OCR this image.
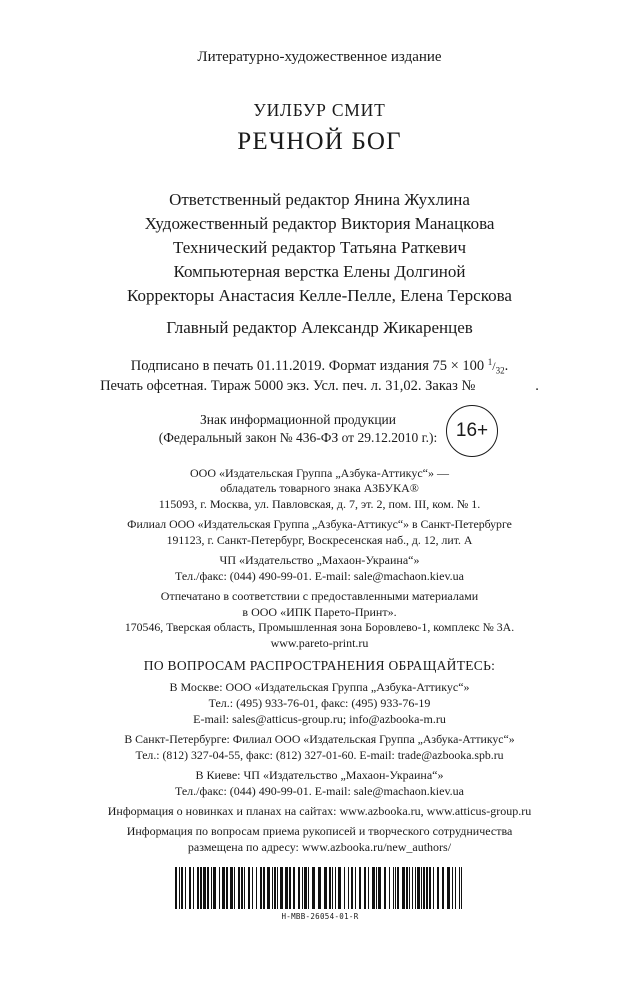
Литературно-художественное издание
УИЛБУР СМИТ
РЕЧНОЙ БОГ
Ответственный редактор Янина Жухлина
Художественный редактор Виктория Манацкова
Технический редактор Татьяна Раткевич
Компьютерная верстка Елены Долгиной
Корректоры Анастасия Келле-Пелле, Елена Терскова
Главный редактор Александр Жикаренцев
Подписано в печать 01.11.2019. Формат издания 75 × 100 $^1/_{32}$.
Печать офсетная. Тираж 5000 экз. Усл. печ. л. 31,02. Заказ №	.
Знак информационной продукции
(Федеральный закон № 436-ФЗ от 29.12.2010 г.): 16+
ООО «Издательская Группа „Азбука-Аттикус“» —
обладатель товарного знака АЗБУКА®
115093, г. Москва, ул. Павловская, д. 7, эт. 2, пом. III, ком. № 1.
Филиал ООО «Издательская Группа „Азбука-Аттикус“» в Санкт-Петербурге
191123, г. Санкт-Петербург, Воскресенская наб., д. 12, лит. А
ЧП «Издательство „Махаон-Украина“»
Тел./факс: (044) 490-99-01. E-mail: sale@machaon.kiev.ua
Отпечатано в соответствии с предоставленными материалами
в ООО «ИПК Парето-Принт».
170546, Тверская область, Промышленная зона Боровлево-1, комплекс № 3А.
www.pareto-print.ru
ПО ВОПРОСАМ РАСПРОСТРАНЕНИЯ ОБРАЩАЙТЕСЬ:
В Москве: ООО «Издательская Группа „Азбука-Аттикус“»
Тел.: (495) 933-76-01, факс: (495) 933-76-19
E-mail: sales@atticus-group.ru; info@azbooka-m.ru
В Санкт-Петербурге: Филиал ООО «Издательская Группа „Азбука-Аттикус“»
Тел.: (812) 327-04-55, факс: (812) 327-01-60. E-mail: trade@azbooka.spb.ru
В Киеве: ЧП «Издательство „Махаон-Украина“»
Тел./факс: (044) 490-99-01. E-mail: sale@machaon.kiev.ua
Информация о новинках и планах на сайтах: www.azbooka.ru, www.atticus-group.ru
Информация по вопросам приема рукописей и творческого сотрудничества
размещена по адресу: www.azbooka.ru/new_authors/
H-MBB-26054-01-R
